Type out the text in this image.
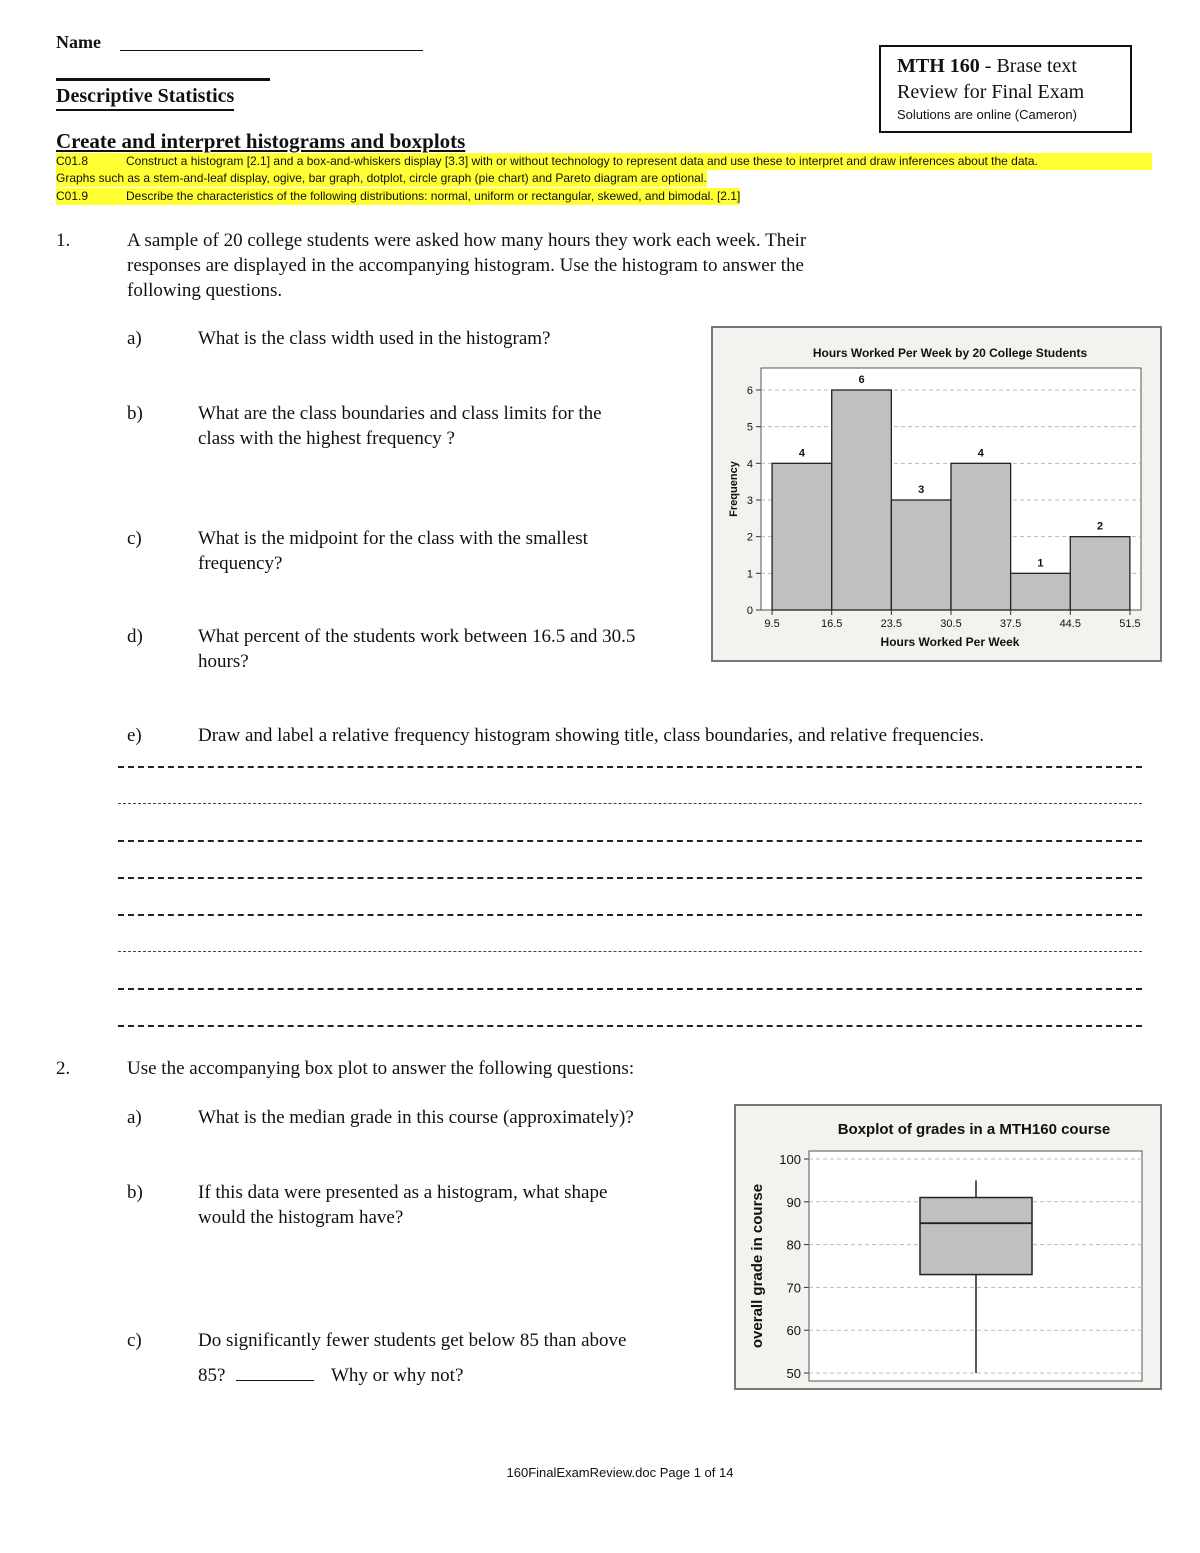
Name
Descriptive Statistics
Create and interpret histograms and boxplots
MTH 160 - Brase text
Review for Final Exam
Solutions are online (Cameron)
C01.8	Construct a histogram [2.1] and a box-and-whiskers display [3.3] with or without technology to represent data and use these to interpret and draw inferences about the data.
Graphs such as a stem-and-leaf display, ogive, bar graph, dotplot, circle graph (pie chart) and Pareto diagram are optional.
C01.9	Describe the characteristics of the following distributions: normal, uniform or rectangular, skewed, and bimodal. [2.1]
1.	A sample of 20 college students were asked how many hours they work each week. Their
responses are displayed in the accompanying histogram. Use the histogram to answer the
following questions.
a)	What is the class width used in the histogram?
b)	What are the class boundaries and class limits for the
class with the highest frequency ?
c)	What is the midpoint for the class with the smallest
frequency?
d)	What percent of the students work between 16.5 and 30.5
hours?
e)	Draw and label a relative frequency histogram showing title, class boundaries, and relative frequencies.
Hours Worked Per Week by 20 College Students
0
1
2
3
4
5
6
9.5	16.5	23.5	30.5	37.5	44.5	51.5
4
6
3
4
1
2
Hours Worked Per Week
Frequency
2.	Use the accompanying box plot to answer the following questions:
a)	What is the median grade in this course (approximately)?
b)	If this data were presented as a histogram, what shape
would the histogram have?
c)	Do significantly fewer students get below 85 than above
85?	Why or why not?
Boxplot of grades in a MTH160 course
50
60
70
80
90
100
overall grade in course
160FinalExamReview.doc Page 1 of 14
